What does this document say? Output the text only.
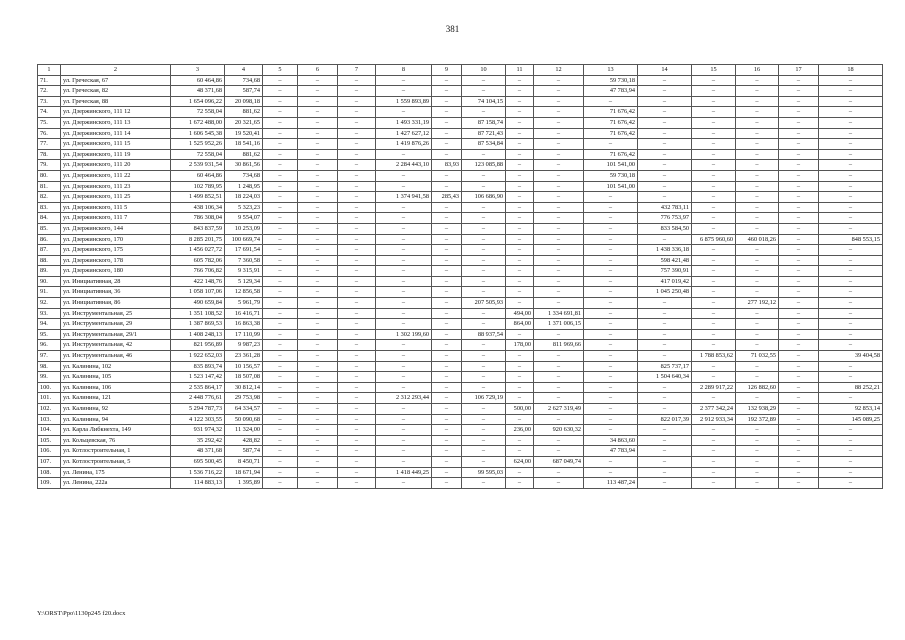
381
1	2	3	4	5	6	7	8	9	10	11	12	13	14	15	16	17	18
71.	ул. Греческая, 67	60 464,86	734,68	–	–	–	–	–	–	–	–	59 730,18	–	–	–	–	–
72.	ул. Греческая, 82	48 371,68	587,74	–	–	–	–	–	–	–	–	47 783,94	–	–	–	–	–
73.	ул. Греческая, 88	1 654 096,22	20 098,18	–	–	–	1 559 893,89	–	74 104,15	–	–	–	–	–	–	–	–
74.	ул. Дзержинского, 111 12	72 558,04	881,62	–	–	–	–	–	–	–	–	71 676,42	–	–	–	–	–
75.	ул. Дзержинского, 111 13	1 672 488,00	20 321,65	–	–	–	1 493 331,19	–	87 158,74	–	–	71 676,42	–	–	–	–	–
76.	ул. Дзержинского, 111 14	1 606 545,38	19 520,41	–	–	–	1 427 627,12	–	87 721,43	–	–	71 676,42	–	–	–	–	–
77.	ул. Дзержинского, 111 15	1 525 952,26	18 541,16	–	–	–	1 419 876,26	–	87 534,84	–	–	–	–	–	–	–	–
78.	ул. Дзержинского, 111 19	72 558,04	881,62	–	–	–	–	–	–	–	–	71 676,42	–	–	–	–	–
79.	ул. Дзержинского, 111 20	2 539 931,54	30 861,56	–	–	–	2 284 443,10	83,93	123 085,88	–	–	101 541,00	–	–	–	–	–
80.	ул. Дзержинского, 111 22	60 464,86	734,68	–	–	–	–	–	–	–	–	59 730,18	–	–	–	–	–
81.	ул. Дзержинского, 111 23	102 789,95	1 248,95	–	–	–	–	–	–	–	–	101 541,00	–	–	–	–	–
82.	ул. Дзержинского, 111 25	1 499 852,51	18 224,03	–	–	–	1 374 941,58	285,43	106 686,90	–	–	–	–	–	–	–	–
83.	ул. Дзержинского, 111 5	438 106,34	5 323,23	–	–	–	–	–	–	–	–	–	432 783,11	–	–	–	–
84.	ул. Дзержинского, 111 7	786 308,04	9 554,07	–	–	–	–	–	–	–	–	–	776 753,97	–	–	–	–
85.	ул. Дзержинского, 144	843 837,59	10 253,09	–	–	–	–	–	–	–	–	–	833 584,50	–	–	–	–
86.	ул. Дзержинского, 170	8 285 201,75	100 669,74	–	–	–	–	–	–	–	–	–	–	6 875 960,60	460 018,26	–	848 553,15
87.	ул. Дзержинского, 175	1 456 027,72	17 691,54	–	–	–	–	–	–	–	–	–	1 438 336,18	–	–	–	–
88.	ул. Дзержинского, 178	605 782,06	7 360,58	–	–	–	–	–	–	–	–	–	598 421,48	–	–	–	–
89.	ул. Дзержинского, 180	766 706,82	9 315,91	–	–	–	–	–	–	–	–	–	757 390,91	–	–	–	–
90.	ул. Инициативная, 28	422 148,76	5 129,34	–	–	–	–	–	–	–	–	–	417 019,42	–	–	–	–
91.	ул. Инициативная, 36	1 058 107,06	12 856,58	–	–	–	–	–	–	–	–	–	1 045 250,48	–	–	–	–
92.	ул. Инициативная, 86	490 659,84	5 961,79	–	–	–	–	–	207 505,93	–	–	–	–	–	277 192,12	–	–
93.	ул. Инструментальная, 25	1 351 108,52	16 416,71	–	–	–	–	–	–	494,00	1 334 691,81	–	–	–	–	–	–
94.	ул. Инструментальная, 29	1 387 869,53	16 863,38	–	–	–	–	–	–	864,00	1 371 006,15	–	–	–	–	–	–
95.	ул. Инструментальная, 29/1	1 408 248,13	17 110,99	–	–	–	1 302 199,60	–	88 937,54	–	–	–	–	–	–	–	–
96.	ул. Инструментальная, 42	821 956,89	9 987,23	–	–	–	–	–	–	178,00	811 969,66	–	–	–	–	–	–
97.	ул. Инструментальная, 46	1 922 652,03	23 361,28	–	–	–	–	–	–	–	–	–	–	1 788 853,62	71 032,55	–	39 404,58
98.	ул. Калинина, 102	835 893,74	10 156,57	–	–	–	–	–	–	–	–	–	825 737,17	–	–	–	–
99.	ул. Калинина, 105	1 523 147,42	18 507,08	–	–	–	–	–	–	–	–	–	1 504 640,34	–	–	–	–
100.	ул. Калинина, 106	2 535 864,17	30 812,14	–	–	–	–	–	–	–	–	–	–	2 289 917,22	126 882,60	–	88 252,21
101.	ул. Калинина, 121	2 448 776,61	29 753,98	–	–	–	2 312 293,44	–	106 729,19	–	–	–	–	–	–	–	–
102.	ул. Калинина, 92	5 294 787,73	64 334,57	–	–	–	–	–	–	500,00	2 627 319,49	–	–	2 377 342,24	132 938,29	–	92 853,14
103.	ул. Калинина, 94	4 122 303,55	50 090,68	–	–	–	–	–	–	–	–	–	822 017,39	2 912 933,34	192 372,89	–	145 089,25
104.	ул. Карла Либкнехта, 149	931 974,32	11 324,00	–	–	–	–	–	–	236,00	920 630,32	–	–	–	–	–	–
105.	ул. Кольцевская, 76	35 292,42	428,82	–	–	–	–	–	–	–	–	34 863,60	–	–	–	–	–
106.	ул. Котлостроительная, 1	48 371,68	587,74	–	–	–	–	–	–	–	–	47 783,94	–	–	–	–	–
107.	ул. Котлостроительная, 5	695 500,45	8 450,71	–	–	–	–	–	–	624,00	687 049,74	–	–	–	–	–	–
108.	ул. Ленина, 175	1 536 716,22	18 671,94	–	–	–	1 418 449,25	–	99 595,03	–	–	–	–	–	–	–	–
109.	ул. Ленина, 222а	114 883,13	1 395,89	–	–	–	–	–	–	–	–	113 487,24	–	–	–	–	–
Y:\ORST\Ppo\1130p245 f20.docx
